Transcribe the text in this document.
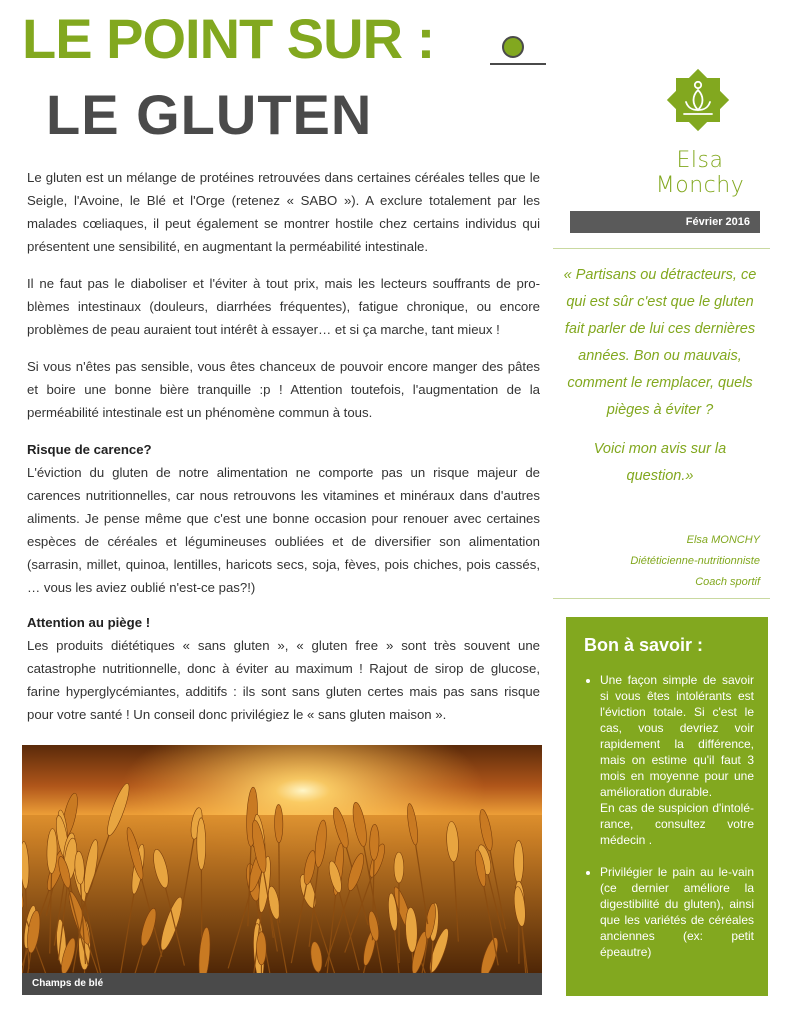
LE POINT SUR :
LE GLUTEN
Elsa Monchy
Février 2016

« Partisans ou détracteurs, ce qui est sûr c'est que le gluten fait parler de lui ces dernières années. Bon ou mauvais, comment le remplacer, quels pièges à éviter ?

Voici mon avis sur la question.»

Elsa MONCHY
Diététicienne-nutritionniste
Coach sportif
Bon à savoir :
• Une façon simple de savoir si vous êtes intolérants est l'éviction totale. Si c'est le cas, vous devriez voir rapidement la différence, mais on estime qu'il faut 3 mois en moyenne pour une amélioration durable.
En cas de suspicion d'intolé-rance, consultez votre médecin .
• Privilégier le pain au le-vain (ce dernier améliore la digestibilité du gluten), ainsi que les variétés de céréales anciennes (ex: petit épeautre)

Le gluten est un mélange de protéines retrouvées dans certaines céréales telles que le Seigle, l'Avoine, le Blé et l'Orge (retenez « SABO »). A exclure totalement par les malades cœliaques, il peut également se montrer hostile chez certains individus qui présentent une sensibilité, en augmentant la perméabilité intestinale.

Il ne faut pas le diaboliser et l'éviter à tout prix, mais les lecteurs souffrants de pro-blèmes intestinaux (douleurs, diarrhées fréquentes), fatigue chronique, ou encore problèmes de peau auraient tout intérêt à essayer… et si ça marche, tant mieux !

Si vous n'êtes pas sensible, vous êtes chanceux de pouvoir encore manger des pâtes et boire une bonne bière tranquille :p ! Attention toutefois, l'augmentation de la perméabilité intestinale est un phénomène commun à tous.

Risque de carence?

L'éviction du gluten de notre alimentation ne comporte pas un risque majeur de carences nutritionnelles, car nous retrouvons les vitamines et minéraux dans d'autres aliments. Je pense même que c'est une bonne occasion pour renouer avec certaines espèces de céréales et légumineuses oubliées et de diversifier son alimentation (sarrasin, millet, quinoa, lentilles, haricots secs, soja, fèves, pois chiches, pois cassés, … vous les aviez oublié n'est-ce pas?!)

Attention au piège !

Les produits diététiques « sans gluten », « gluten free » sont très souvent une catastrophe nutritionnelle, donc à éviter au maximum ! Rajout de sirop de glucose, farine hyperglycémiantes, additifs : ils sont sans gluten certes mais pas sans risque pour votre santé ! Un conseil donc privilégiez le « sans gluten maison ».

Champs de blé
